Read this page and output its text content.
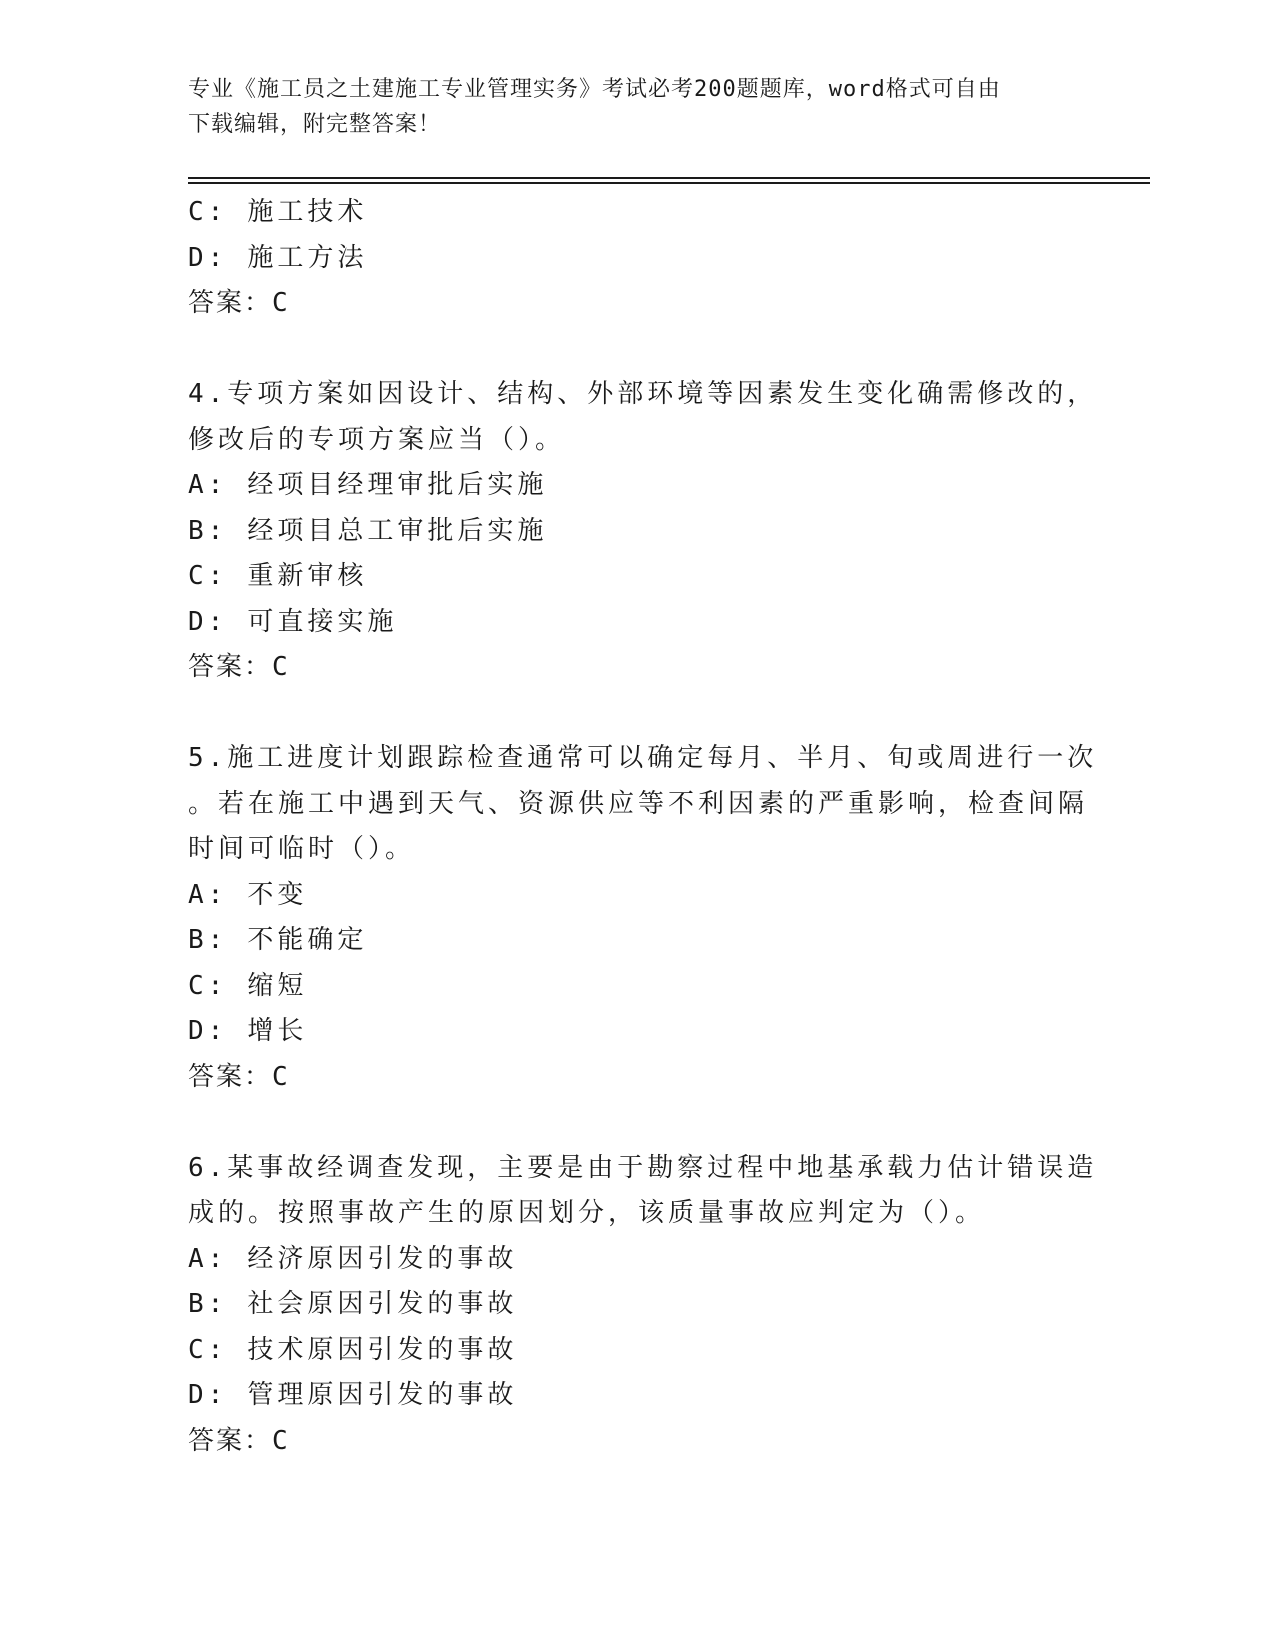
专业《施工员之土建施工专业管理实务》考试必考200题题库，word格式可自由
下载编辑，附完整答案！
C: 施工技术
D: 施工方法
答案：C
4.专项方案如因设计、结构、外部环境等因素发生变化确需修改的，
修改后的专项方案应当（）。
A: 经项目经理审批后实施
B: 经项目总工审批后实施
C: 重新审核
D: 可直接实施
答案：C
5.施工进度计划跟踪检查通常可以确定每月、半月、旬或周进行一次
。若在施工中遇到天气、资源供应等不利因素的严重影响，检查间隔
时间可临时（）。
A: 不变
B: 不能确定
C: 缩短
D: 增长
答案：C
6.某事故经调查发现，主要是由于勘察过程中地基承载力估计错误造
成的。按照事故产生的原因划分，该质量事故应判定为（）。
A: 经济原因引发的事故
B: 社会原因引发的事故
C: 技术原因引发的事故
D: 管理原因引发的事故
答案：C
